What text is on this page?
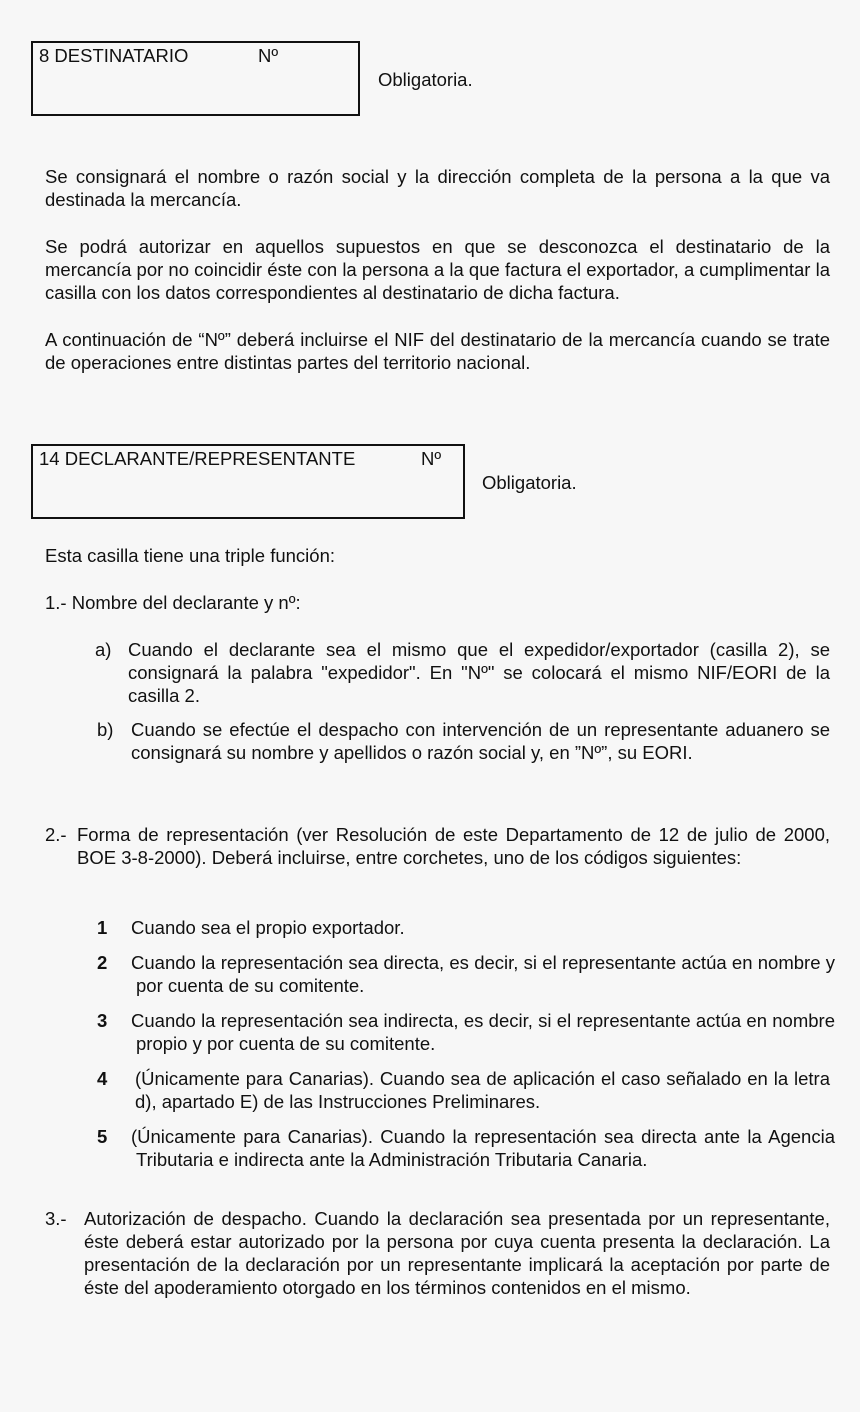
8 DESTINATARIO	Nº
Obligatoria.

Se consignará el nombre o razón social y la dirección completa de la persona a la que va destinada la mercancía.

Se podrá autorizar en aquellos supuestos en que se desconozca el destinatario de la mercancía por no coincidir éste con la persona a la que factura el exportador, a cumplimentar la casilla con los datos correspondientes al destinatario de dicha factura.

A continuación de “Nº” deberá incluirse el NIF del destinatario de la mercancía cuando se trate de operaciones entre distintas partes del territorio nacional.

14 DECLARANTE/REPRESENTANTE	Nº
Obligatoria.

Esta casilla tiene una triple función:

1.- Nombre del declarante y nº:

a) Cuando el declarante sea el mismo que el expedidor/exportador (casilla 2), se consignará la palabra "expedidor". En "Nº" se colocará el mismo NIF/EORI de la casilla 2.
b) Cuando se efectúe el despacho con intervención de un representante aduanero se consignará su nombre y apellidos o razón social y, en ”Nº”, su EORI.
2.- Forma de representación (ver Resolución de este Departamento de 12 de julio de 2000, BOE 3-8-2000). Deberá incluirse, entre corchetes, uno de los códigos siguientes:
1 Cuando sea el propio exportador.
2 Cuando la representación sea directa, es decir, si el representante actúa en nombre y por cuenta de su comitente.
3 Cuando la representación sea indirecta, es decir, si el representante actúa en nombre propio y por cuenta de su comitente.
4 (Únicamente para Canarias). Cuando sea de aplicación el caso señalado en la letra d), apartado E) de las Instrucciones Preliminares.
5 (Únicamente para Canarias). Cuando la representación sea directa ante la Agencia Tributaria e indirecta ante la Administración Tributaria Canaria.
3.- Autorización de despacho. Cuando la declaración sea presentada por un representante, éste deberá estar autorizado por la persona por cuya cuenta presenta la declaración. La presentación de la declaración por un representante implicará la aceptación por parte de éste del apoderamiento otorgado en los términos contenidos en el mismo.
